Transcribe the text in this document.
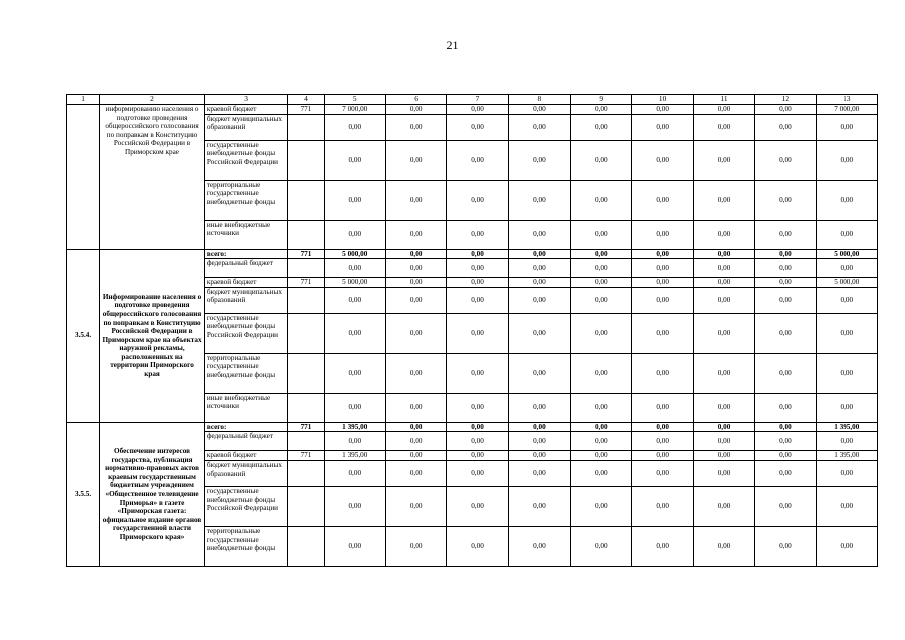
21
1	2	3	4	5	6	7	8	9	10	11	12	13
	информированию населения о подготовке проведения общероссийского голосования по поправкам в Конституцию Российской Федерации в Приморском крае	краевой бюджет	771	7 000,00	0,00	0,00	0,00	0,00	0,00	0,00	0,00	7 000,00
		бюджет муниципальных образований		0,00	0,00	0,00	0,00	0,00	0,00	0,00	0,00	0,00
		государственные внебюджетные фонды Российской Федерации		0,00	0,00	0,00	0,00	0,00	0,00	0,00	0,00	0,00
		территориальные государственные внебюджетные фонды		0,00	0,00	0,00	0,00	0,00	0,00	0,00	0,00	0,00
		иные внебюджетные источники		0,00	0,00	0,00	0,00	0,00	0,00	0,00	0,00	0,00
3.5.4.	Информирование населения о подготовке проведения общероссийского голосования по поправкам в Конституцию Российской Федерации в Приморском крае на объектах наружной рекламы, расположенных на территории Приморского края	всего:	771	5 000,00	0,00	0,00	0,00	0,00	0,00	0,00	0,00	5 000,00
		федеральный бюджет		0,00	0,00	0,00	0,00	0,00	0,00	0,00	0,00	0,00
		краевой бюджет	771	5 000,00	0,00	0,00	0,00	0,00	0,00	0,00	0,00	5 000,00
		бюджет муниципальных образований		0,00	0,00	0,00	0,00	0,00	0,00	0,00	0,00	0,00
		государственные внебюджетные фонды Российской Федерации		0,00	0,00	0,00	0,00	0,00	0,00	0,00	0,00	0,00
		территориальные государственные внебюджетные фонды		0,00	0,00	0,00	0,00	0,00	0,00	0,00	0,00	0,00
		иные внебюджетные источники		0,00	0,00	0,00	0,00	0,00	0,00	0,00	0,00	0,00
3.5.5.	Обеспечение интересов государства, публикация нормативно-правовых актов краевым государственным бюджетным учреждением «Общественное телевидение Приморья» в газете «Приморская газета: официальное издание органов государственной власти Приморского края»	всего:	771	1 395,00	0,00	0,00	0,00	0,00	0,00	0,00	0,00	1 395,00
		федеральный бюджет		0,00	0,00	0,00	0,00	0,00	0,00	0,00	0,00	0,00
		краевой бюджет	771	1 395,00	0,00	0,00	0,00	0,00	0,00	0,00	0,00	1 395,00
		бюджет муниципальных образований		0,00	0,00	0,00	0,00	0,00	0,00	0,00	0,00	0,00
		государственные внебюджетные фонды Российской Федерации		0,00	0,00	0,00	0,00	0,00	0,00	0,00	0,00	0,00
		территориальные государственные внебюджетные фонды		0,00	0,00	0,00	0,00	0,00	0,00	0,00	0,00	0,00
